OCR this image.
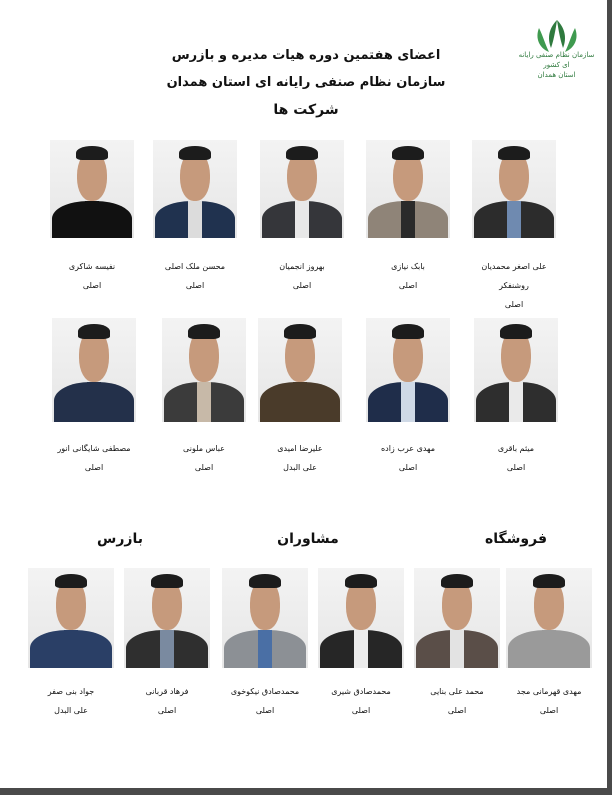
سازمان نظام صنفی رایانه ای کشور
استان همدان
اعضای هفتمین دوره هیات مدیره و بازرس
سازمان نظام صنفی رایانه ای استان همدان
شرکت ها
فروشگاه
مشاوران
بازرس
علی اصغر محمدیان
روشنفکر
اصلی
بابک نیازی
اصلی
بهروز انجمیان
اصلی
محسن ملک اصلی
اصلی
نفیسه شاکری
اصلی
میثم باقری
اصلی
مهدی عرب زاده
اصلی
علیرضا امیدی
علی البدل
عباس ملونی
اصلی
مصطفی شایگانی انور
اصلی
مهدی قهرمانی مجد
اصلی
محمد علی بنایی
اصلی
محمدصادق شیری
اصلی
محمدصادق نیکوخوی
اصلی
فرهاد قربانی
اصلی
جواد بنی صفر
علی البدل
